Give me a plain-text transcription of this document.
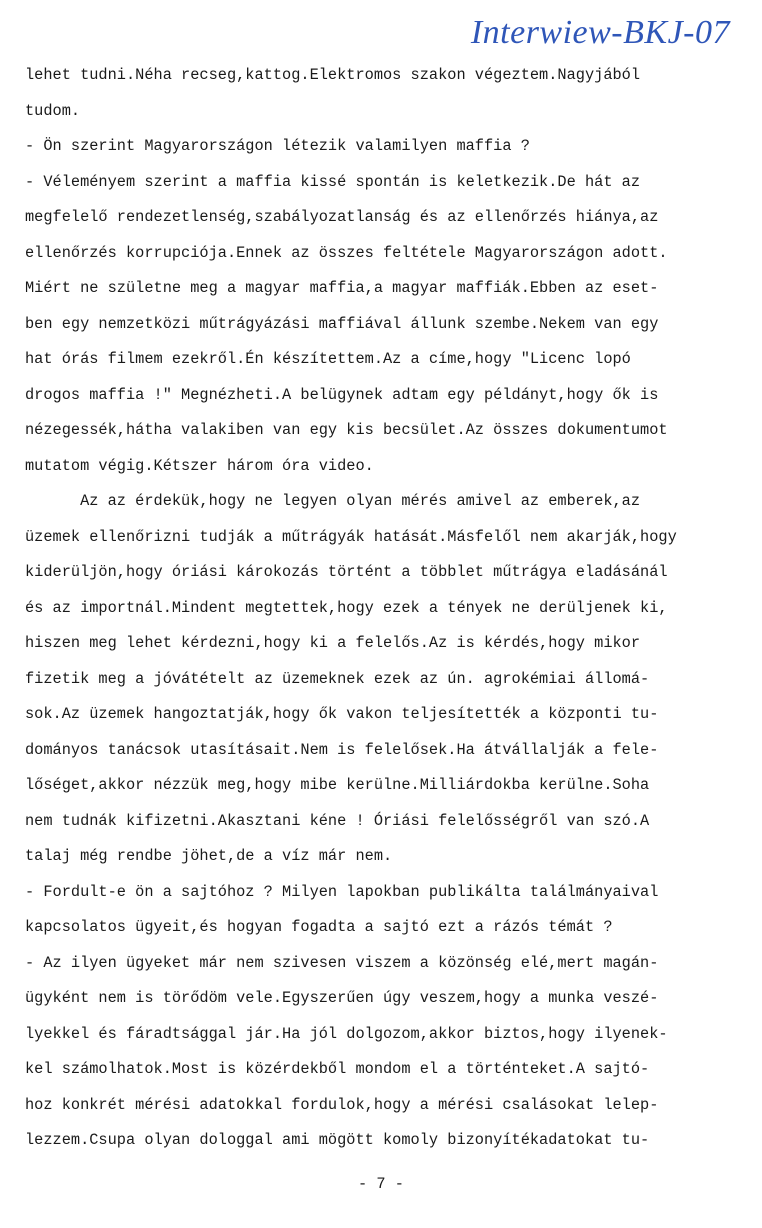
Interwiew-BKJ-07
lehet tudni.Néha recseg,kattog.Elektromos szakon végeztem.Nagyjából
tudom.
- Ön szerint Magyarországon létezik valamilyen maffia ?
- Véleményem szerint a maffia kissé spontán is keletkezik.De hát az
megfelelő rendezetlenség,szabályozatlanság és az ellenőrzés hiánya,az
ellenőrzés korrupciója.Ennek az összes feltétele Magyarországon adott.
Miért ne születne meg a magyar maffia,a magyar maffiák.Ebben az eset-
ben egy nemzetközi műtrágyázási maffiával állunk szembe.Nekem van egy
hat órás filmem ezekről.Én készítettem.Az a címe,hogy "Licenc lopó
drogos maffia !" Megnézheti.A belügynek adtam egy példányt,hogy ők is
nézegessék,hátha valakiben van egy kis becsület.Az összes dokumentumot
mutatom végig.Kétszer három óra video.
Az az érdekük,hogy ne legyen olyan mérés amivel az emberek,az
üzemek ellenőrizni tudják a műtrágyák hatását.Másfelől nem akarják,hogy
kiderüljön,hogy óriási károkozás történt a többlet műtrágya eladásánál
és az importnál.Mindent megtettek,hogy ezek a tények ne derüljenek ki,
hiszen meg lehet kérdezni,hogy ki a felelős.Az is kérdés,hogy mikor
fizetik meg a jóvátételt az üzemeknek ezek az ún. agrokémiai állomá-
sok.Az üzemek hangoztatják,hogy ők vakon teljesítették a központi tu-
dományos tanácsok utasításait.Nem is felelősek.Ha átvállalják a fele-
lőséget,akkor nézzük meg,hogy mibe kerülne.Milliárdokba kerülne.Soha
nem tudnák kifizetni.Akasztani kéne ! Óriási felelősségről van szó.A
talaj még rendbe jöhet,de a víz már nem.
- Fordult-e ön a sajtóhoz ? Milyen lapokban publikálta találmányaival
kapcsolatos ügyeit,és hogyan fogadta a sajtó ezt a rázós témát ?
- Az ilyen ügyeket már nem szivesen viszem a közönség elé,mert magán-
ügyként nem is törődöm vele.Egyszerűen úgy veszem,hogy a munka veszé-
lyekkel és fáradtsággal jár.Ha jól dolgozom,akkor biztos,hogy ilyenek-
kel számolhatok.Most is közérdekből mondom el a történteket.A sajtó-
hoz konkrét mérési adatokkal fordulok,hogy a mérési csalásokat lelep-
lezzem.Csupa olyan dologgal ami mögött komoly bizonyítékadatokat tu-
- 7 -
